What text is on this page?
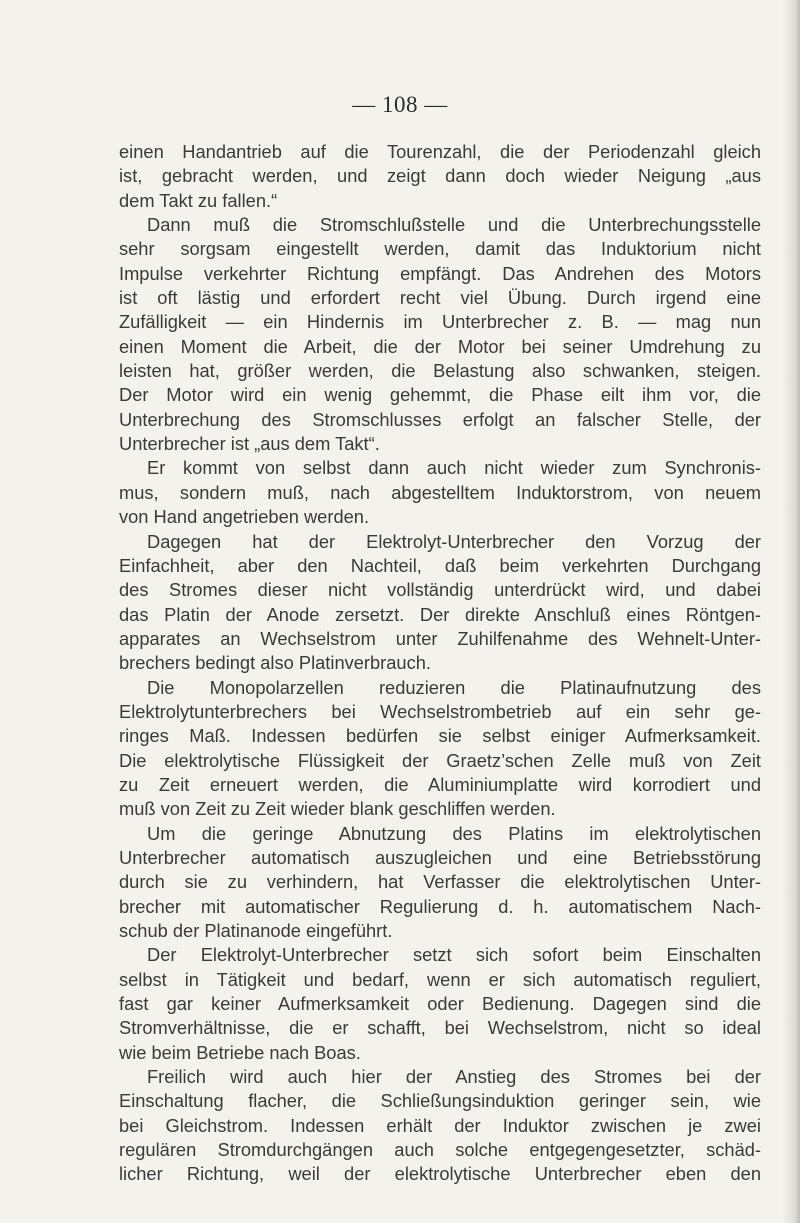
— 108 —
einen Handantrieb auf die Tourenzahl, die der Periodenzahl gleich
ist, gebracht werden, und zeigt dann doch wieder Neigung „aus
dem Takt zu fallen.“
Dann muß die Stromschlußstelle und die Unterbrechungsstelle
sehr sorgsam eingestellt werden, damit das Induktorium nicht
Impulse verkehrter Richtung empfängt. Das Andrehen des Motors
ist oft lästig und erfordert recht viel Übung. Durch irgend eine
Zufälligkeit — ein Hindernis im Unterbrecher z. B. — mag nun
einen Moment die Arbeit, die der Motor bei seiner Umdrehung zu
leisten hat, größer werden, die Belastung also schwanken, steigen.
Der Motor wird ein wenig gehemmt, die Phase eilt ihm vor, die
Unterbrechung des Stromschlusses erfolgt an falscher Stelle, der
Unterbrecher ist „aus dem Takt“.
Er kommt von selbst dann auch nicht wieder zum Synchronis-
mus, sondern muß, nach abgestelltem Induktorstrom, von neuem
von Hand angetrieben werden.
Dagegen hat der Elektrolyt-Unterbrecher den Vorzug der
Einfachheit, aber den Nachteil, daß beim verkehrten Durchgang
des Stromes dieser nicht vollständig unterdrückt wird, und dabei
das Platin der Anode zersetzt. Der direkte Anschluß eines Röntgen-
apparates an Wechselstrom unter Zuhilfenahme des Wehnelt-Unter-
brechers bedingt also Platinverbrauch.
Die Monopolarzellen reduzieren die Platinaufnutzung des
Elektrolytunterbrechers bei Wechselstrombetrieb auf ein sehr ge-
ringes Maß. Indessen bedürfen sie selbst einiger Aufmerksamkeit.
Die elektrolytische Flüssigkeit der Graetz’schen Zelle muß von Zeit
zu Zeit erneuert werden, die Aluminiumplatte wird korrodiert und
muß von Zeit zu Zeit wieder blank geschliffen werden.
Um die geringe Abnutzung des Platins im elektrolytischen
Unterbrecher automatisch auszugleichen und eine Betriebsstörung
durch sie zu verhindern, hat Verfasser die elektrolytischen Unter-
brecher mit automatischer Regulierung d. h. automatischem Nach-
schub der Platinanode eingeführt.
Der Elektrolyt-Unterbrecher setzt sich sofort beim Einschalten
selbst in Tätigkeit und bedarf, wenn er sich automatisch reguliert,
fast gar keiner Aufmerksamkeit oder Bedienung. Dagegen sind die
Stromverhältnisse, die er schafft, bei Wechselstrom, nicht so ideal
wie beim Betriebe nach Boas.
Freilich wird auch hier der Anstieg des Stromes bei der
Einschaltung flacher, die Schließungsinduktion geringer sein, wie
bei Gleichstrom. Indessen erhält der Induktor zwischen je zwei
regulären Stromdurchgängen auch solche entgegengesetzter, schäd-
licher Richtung, weil der elektrolytische Unterbrecher eben den
